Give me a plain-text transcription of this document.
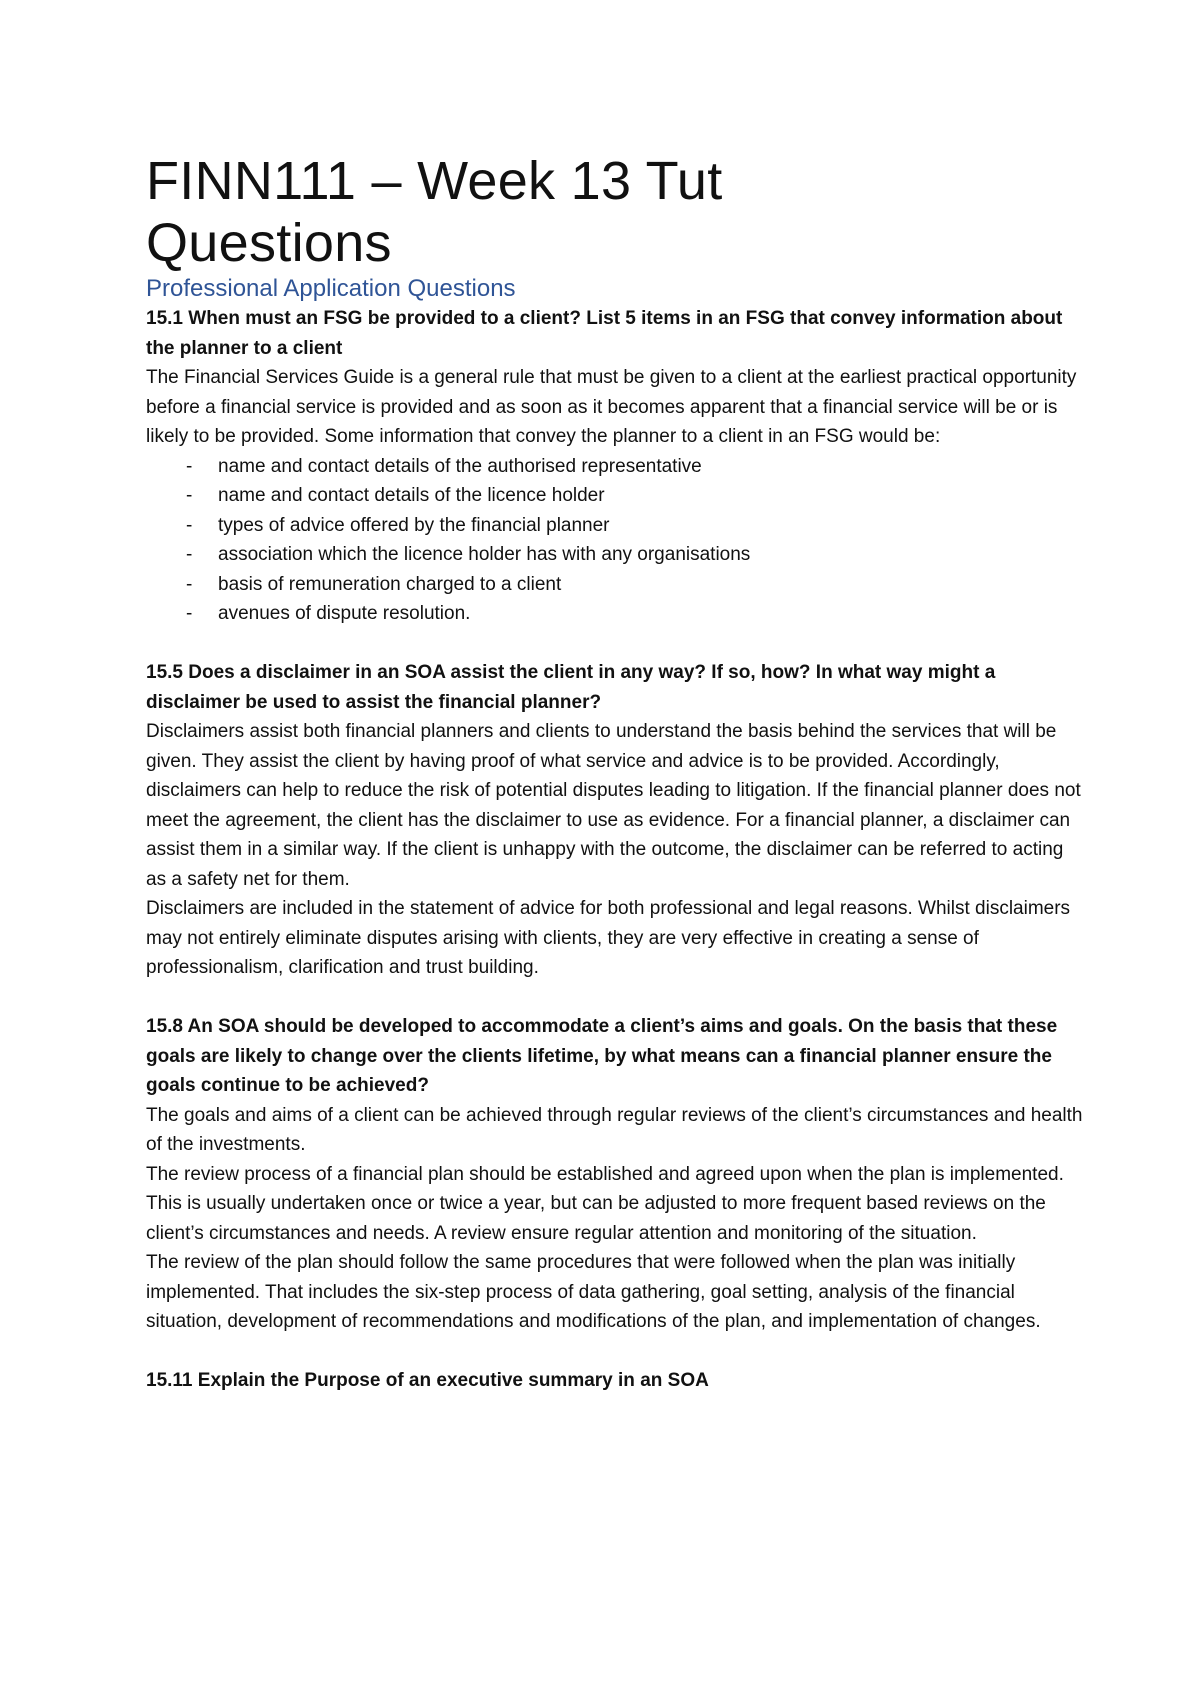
FINN111 – Week 13 Tut
Questions
Professional Application Questions

15.1 When must an FSG be provided to a client? List 5 items in an FSG that convey information about the planner to a client

The Financial Services Guide is a general rule that must be given to a client at the earliest practical opportunity before a financial service is provided and as soon as it becomes apparent that a financial service will be or is likely to be provided. Some information that convey the planner to a client in an FSG would be:

- name and contact details of the authorised representative
- name and contact details of the licence holder
- types of advice offered by the financial planner
- association which the licence holder has with any organisations
- basis of remuneration charged to a client
- avenues of dispute resolution.

15.5 Does a disclaimer in an SOA assist the client in any way? If so, how? In what way might a disclaimer be used to assist the financial planner?

Disclaimers assist both financial planners and clients to understand the basis behind the services that will be given. They assist the client by having proof of what service and advice is to be provided. Accordingly, disclaimers can help to reduce the risk of potential disputes leading to litigation. If the financial planner does not meet the agreement, the client has the disclaimer to use as evidence. For a financial planner, a disclaimer can assist them in a similar way. If the client is unhappy with the outcome, the disclaimer can be referred to acting as a safety net for them.

Disclaimers are included in the statement of advice for both professional and legal reasons. Whilst disclaimers may not entirely eliminate disputes arising with clients, they are very effective in creating a sense of professionalism, clarification and trust building.

15.8 An SOA should be developed to accommodate a client’s aims and goals. On the basis that these goals are likely to change over the clients lifetime, by what means can a financial planner ensure the goals continue to be achieved?

The goals and aims of a client can be achieved through regular reviews of the client’s circumstances and health of the investments.

The review process of a financial plan should be established and agreed upon when the plan is implemented. This is usually undertaken once or twice a year, but can be adjusted to more frequent based reviews on the client’s circumstances and needs. A review ensure regular attention and monitoring of the situation.

The review of the plan should follow the same procedures that were followed when the plan was initially implemented. That includes the six-step process of data gathering, goal setting, analysis of the financial situation, development of recommendations and modifications of the plan, and implementation of changes.

15.11 Explain the Purpose of an executive summary in an SOA
